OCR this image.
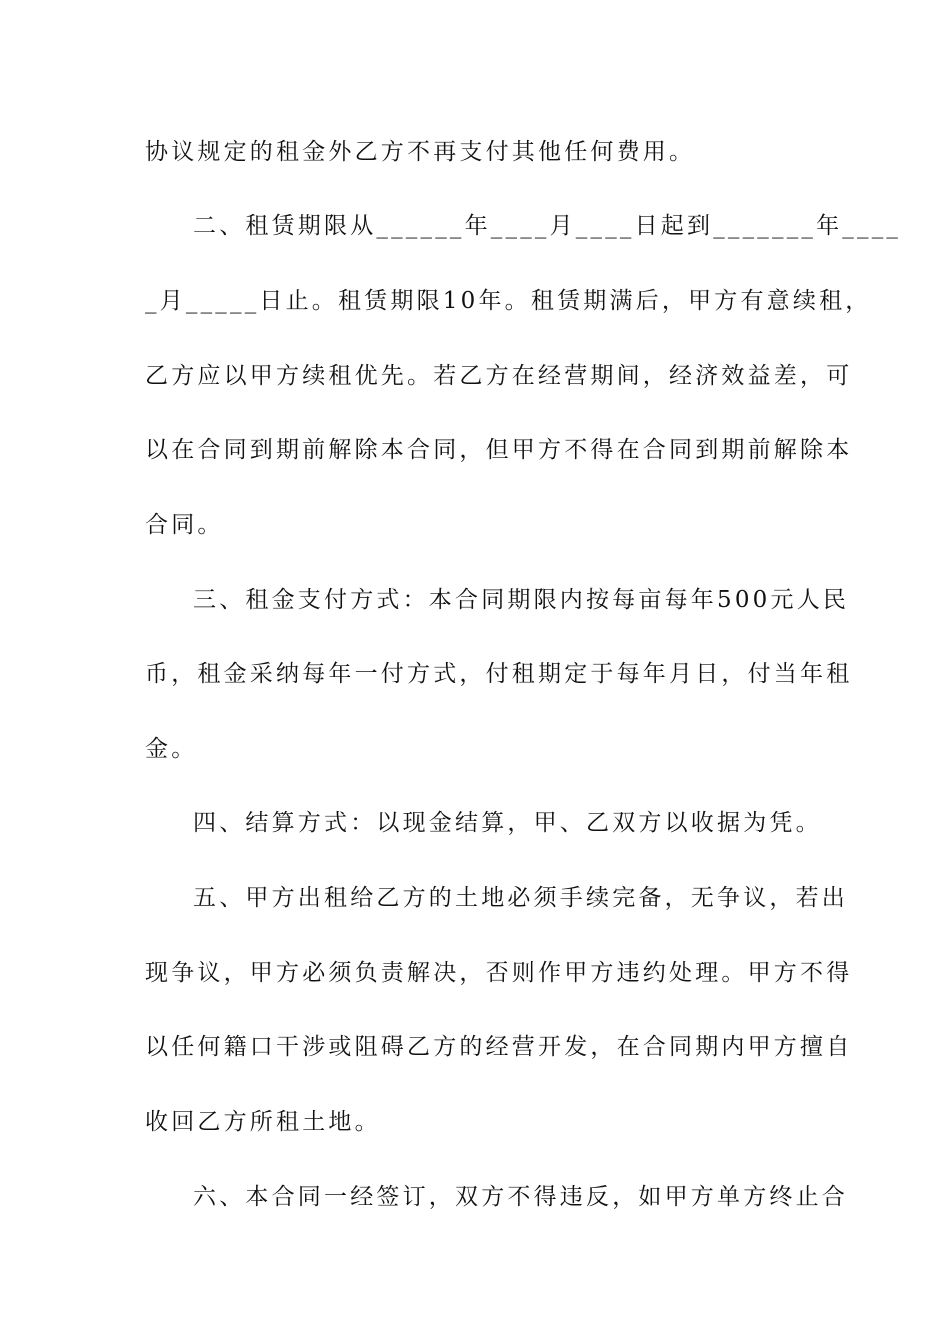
协议规定的租金外乙方不再支付其他任何费用。
二、租赁期限从______年____月____日起到_______年____
_月_____日止。租赁期限10年。租赁期满后，甲方有意续租，
乙方应以甲方续租优先。若乙方在经营期间，经济效益差，可
以在合同到期前解除本合同，但甲方不得在合同到期前解除本
合同。
三、租金支付方式：本合同期限内按每亩每年500元人民
币，租金采纳每年一付方式，付租期定于每年月日，付当年租
金。
四、结算方式：以现金结算，甲、乙双方以收据为凭。
五、甲方出租给乙方的土地必须手续完备，无争议，若出
现争议，甲方必须负责解决，否则作甲方违约处理。甲方不得
以任何籍口干涉或阻碍乙方的经营开发，在合同期内甲方擅自
收回乙方所租土地。
六、本合同一经签订，双方不得违反，如甲方单方终止合
